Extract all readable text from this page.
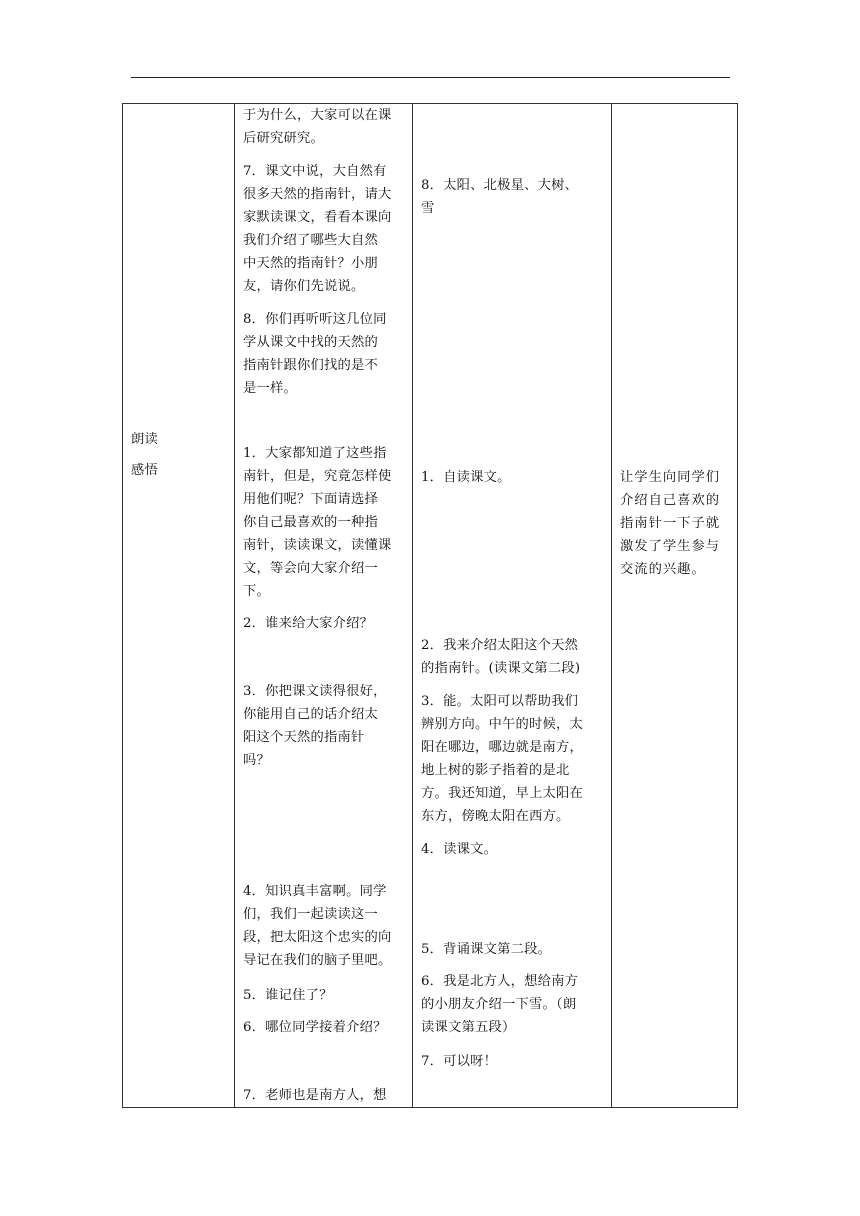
朗读

感悟

于为什么，大家可以在课
后研究研究。
7．课文中说，大自然有
很多天然的指南针，请大
家默读课文，看看本课向
我们介绍了哪些大自然
中天然的指南针？小朋
友，请你们先说说。
8．你们再听听这几位同
学从课文中找的天然的
指南针跟你们找的是不
是一样。
1．大家都知道了这些指
南针，但是，究竟怎样使
用他们呢？下面请选择
你自己最喜欢的一种指
南针，读读课文，读懂课
文，等会向大家介绍一
下。
2．谁来给大家介绍？
3．你把课文读得很好，
你能用自己的话介绍太
阳这个天然的指南针
吗？
4．知识真丰富啊。同学
们，我们一起读读这一
段，把太阳这个忠实的向
导记在我们的脑子里吧。
5．谁记住了？
6．哪位同学接着介绍？
7．老师也是南方人，想
8．太阳、北极星、大树、
雪
1．自读课文。
2．我来介绍太阳这个天然
的指南针。(读课文第二段)
3．能。太阳可以帮助我们
辨别方向。中午的时候，太
阳在哪边，哪边就是南方，
地上树的影子指着的是北
方。我还知道，早上太阳在
东方，傍晚太阳在西方。
4．读课文。
5．背诵课文第二段。
6．我是北方人，想给南方
的小朋友介绍一下雪。（朗
读课文第五段）
7．可以呀！
让学生向同学们
介绍自己喜欢的
指南针一下子就
激发了学生参与
交流的兴趣。
